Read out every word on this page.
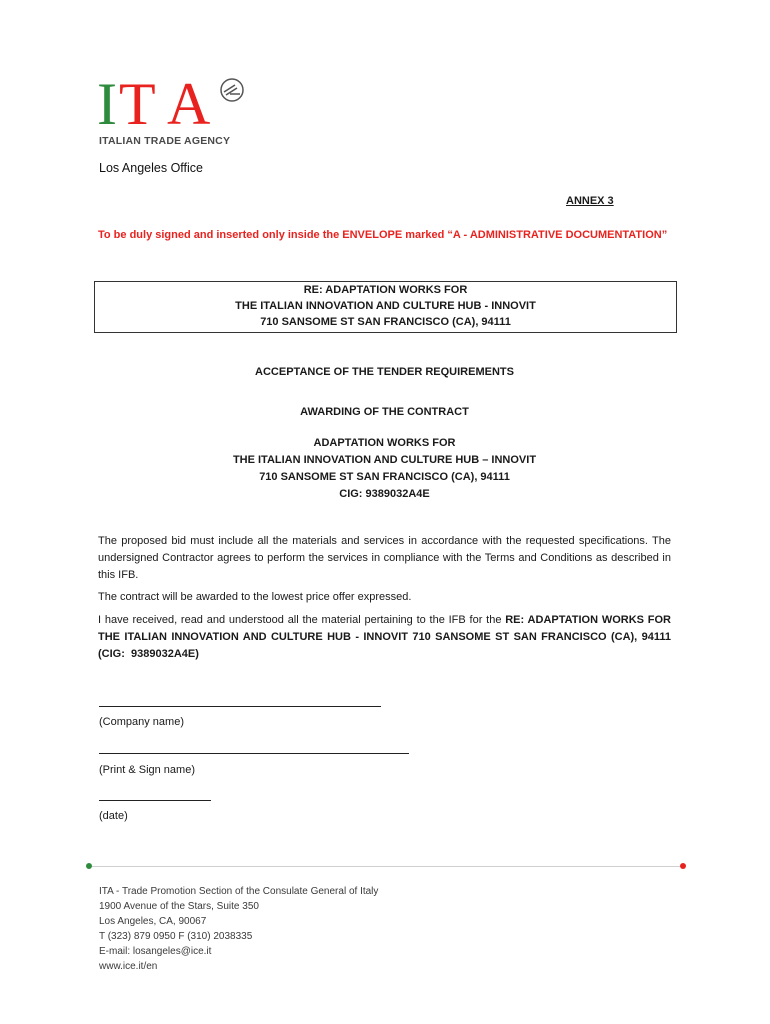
I T A
ITALIAN TRADE AGENCY
Los Angeles Office
ANNEX 3
To be duly signed and inserted only inside the ENVELOPE marked “A - ADMINISTRATIVE DOCUMENTATION”
RE: ADAPTATION WORKS FOR
THE ITALIAN INNOVATION AND CULTURE HUB - INNOVIT
710 SANSOME ST SAN FRANCISCO (CA), 94111
ACCEPTANCE OF THE TENDER REQUIREMENTS
AWARDING OF THE CONTRACT
ADAPTATION WORKS FOR
THE ITALIAN INNOVATION AND CULTURE HUB – INNOVIT
710 SANSOME ST SAN FRANCISCO (CA), 94111
CIG: 9389032A4E
The proposed bid must include all the materials and services in accordance with the requested specifications. The undersigned Contractor agrees to perform the services in compliance with the Terms and Conditions as described in this IFB.
The contract will be awarded to the lowest price offer expressed.
I have received, read and understood all the material pertaining to the IFB for the RE: ADAPTATION WORKS FOR THE ITALIAN INNOVATION AND CULTURE HUB - INNOVIT 710 SANSOME ST SAN FRANCISCO (CA), 94111 (CIG:  9389032A4E)
(Company name)
(Print & Sign name)
(date)
ITA - Trade Promotion Section of the Consulate General of Italy
1900 Avenue of the Stars, Suite 350
Los Angeles, CA, 90067
T (323) 879 0950 F (310) 2038335
E-mail: losangeles@ice.it
www.ice.it/en
